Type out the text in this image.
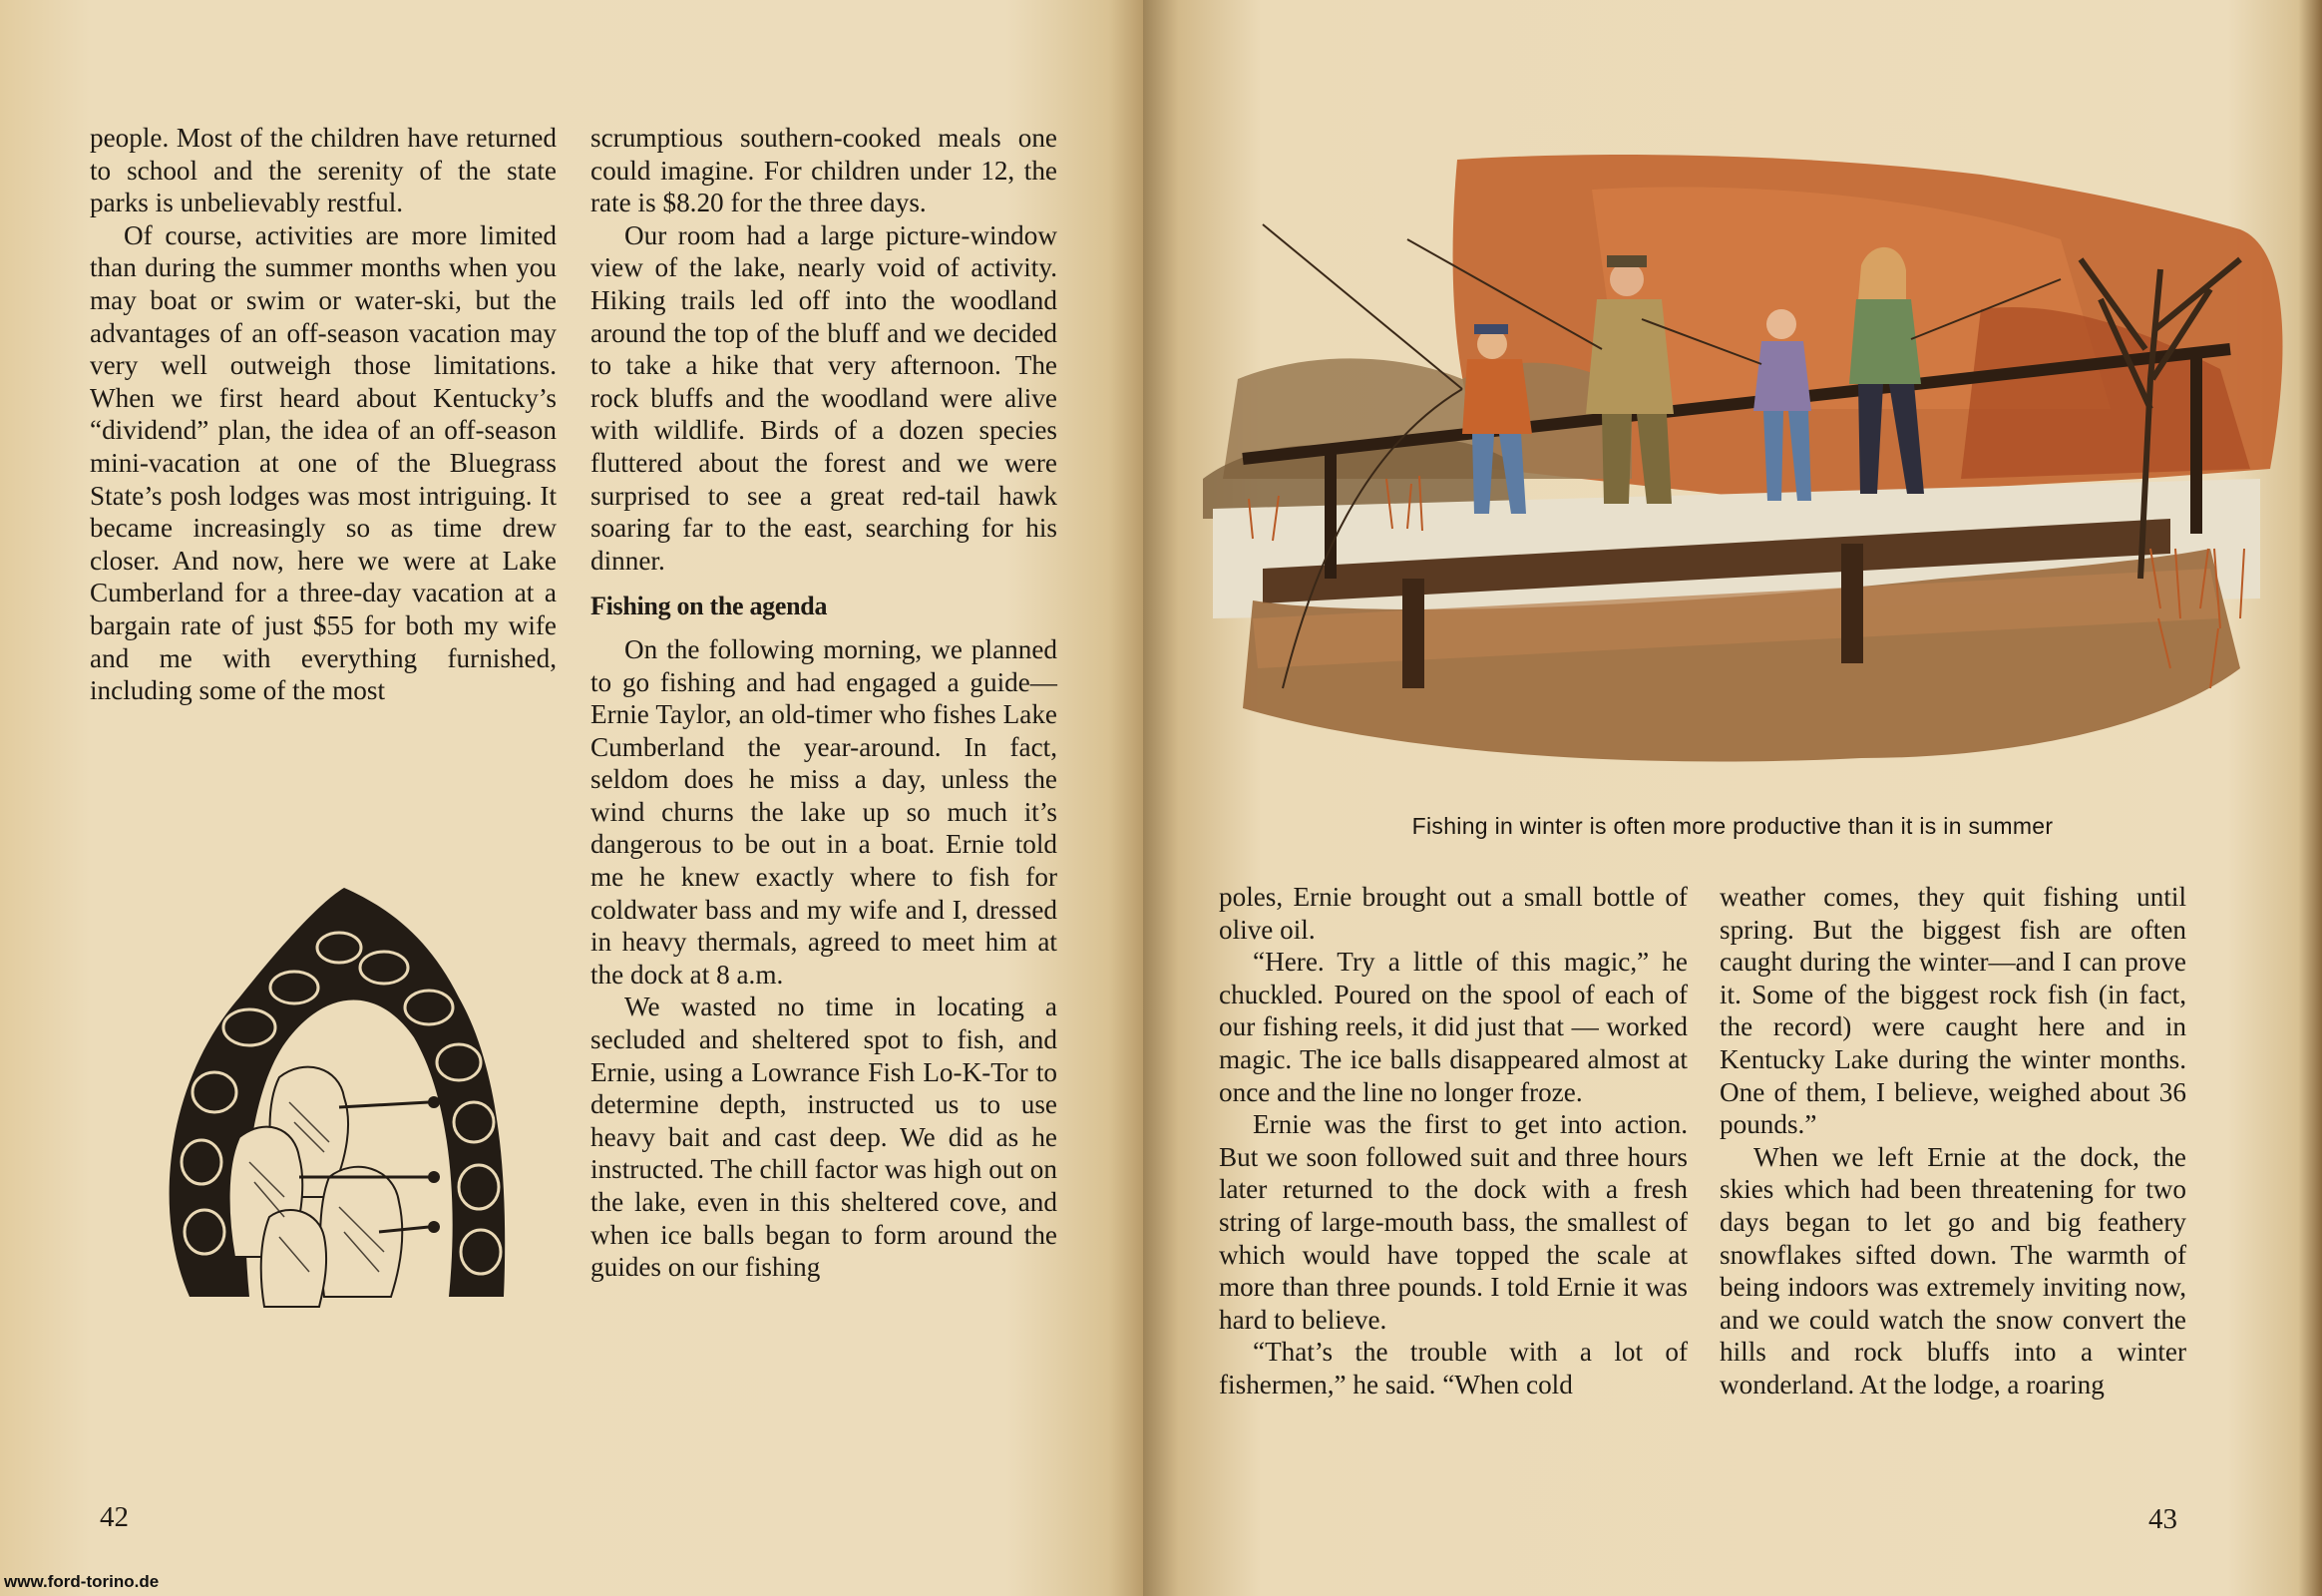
people. Most of the children have returned to school and the serenity of the state parks is unbelievably restful.

Of course, activities are more limited than during the summer months when you may boat or swim or water-ski, but the advantages of an off-season vacation may very well outweigh those limitations. When we first heard about Kentucky’s “dividend” plan, the idea of an off-season mini-vacation at one of the Bluegrass State’s posh lodges was most intriguing. It became increasingly so as time drew closer. And now, here we were at Lake Cumberland for a three-day vacation at a bargain rate of just $55 for both my wife and me with everything furnished, including some of the most

scrumptious southern-cooked meals one could imagine. For children under 12, the rate is $8.20 for the three days.

Our room had a large picture-window view of the lake, nearly void of activity. Hiking trails led off into the woodland around the top of the bluff and we decided to take a hike that very afternoon. The rock bluffs and the woodland were alive with wildlife. Birds of a dozen species fluttered about the forest and we were surprised to see a great red-tail hawk soaring far to the east, searching for his dinner.

Fishing on the agenda

On the following morning, we planned to go fishing and had engaged a guide—Ernie Taylor, an old-timer who fishes Lake Cumberland the year-around. In fact, seldom does he miss a day, unless the wind churns the lake up so much it’s dangerous to be out in a boat. Ernie told me he knew exactly where to fish for coldwater bass and my wife and I, dressed in heavy thermals, agreed to meet him at the dock at 8 a.m.

We wasted no time in locating a secluded and sheltered spot to fish, and Ernie, using a Lowrance Fish Lo-K-Tor to determine depth, instructed us to use heavy bait and cast deep. We did as he instructed. The chill factor was high out on the lake, even in this sheltered cove, and when ice balls began to form around the guides on our fishing

42
www.ford-torino.de
Fishing in winter is often more productive than it is in summer

poles, Ernie brought out a small bottle of olive oil.

“Here. Try a little of this magic,” he chuckled. Poured on the spool of each of our fishing reels, it did just that — worked magic. The ice balls disappeared almost at once and the line no longer froze.

Ernie was the first to get into action. But we soon followed suit and three hours later returned to the dock with a fresh string of large-mouth bass, the smallest of which would have topped the scale at more than three pounds. I told Ernie it was hard to believe.

“That’s the trouble with a lot of fishermen,” he said. “When cold

weather comes, they quit fishing until spring. But the biggest fish are often caught during the winter—and I can prove it. Some of the biggest rock fish (in fact, the record) were caught here and in Kentucky Lake during the winter months. One of them, I believe, weighed about 36 pounds.”

When we left Ernie at the dock, the skies which had been threatening for two days began to let go and big feathery snowflakes sifted down. The warmth of being indoors was extremely inviting now, and we could watch the snow convert the hills and rock bluffs into a winter wonderland. At the lodge, a roaring

43
